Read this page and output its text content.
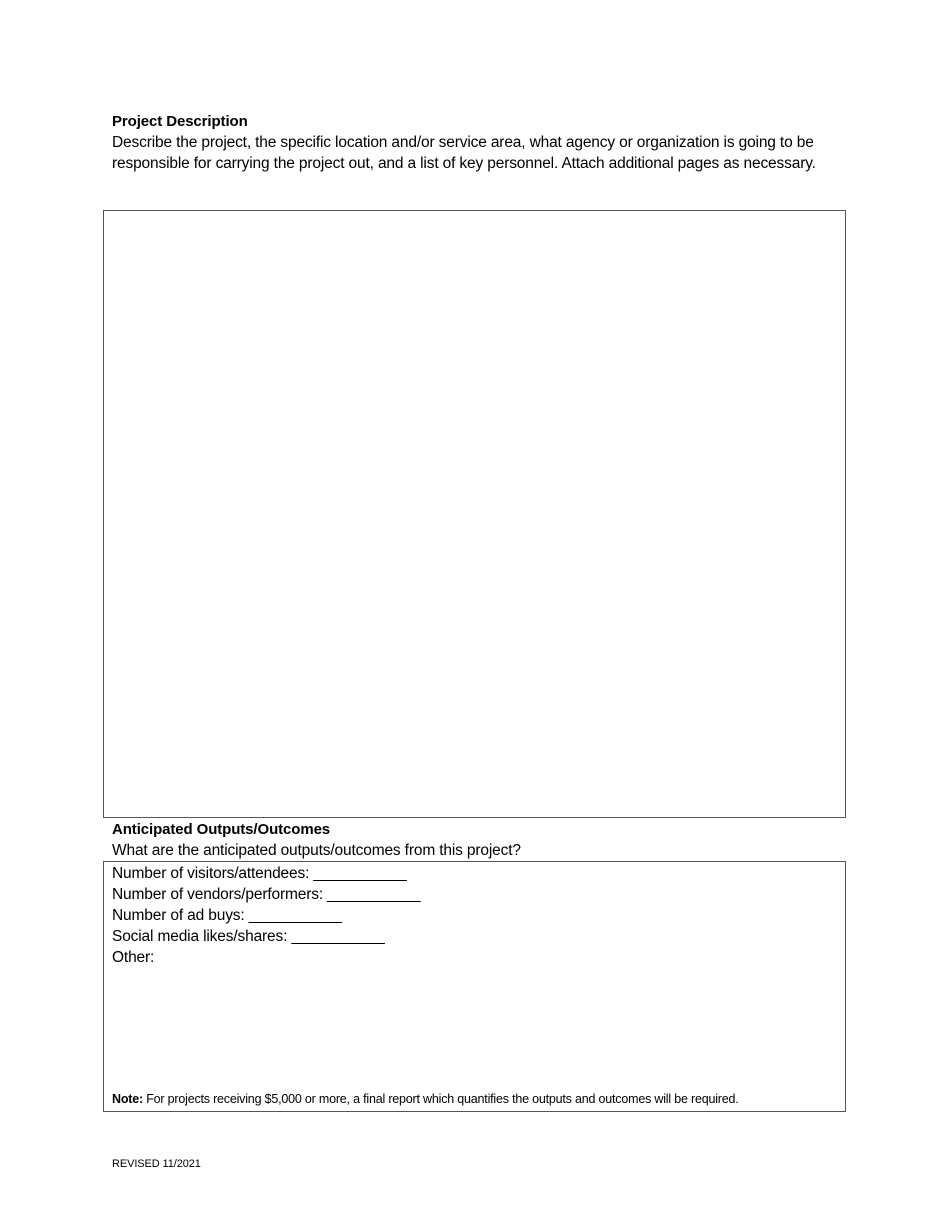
Project Description
Describe the project, the specific location and/or service area, what agency or organization is going to be responsible for carrying the project out, and a list of key personnel. Attach additional pages as necessary.
Anticipated Outputs/Outcomes
What are the anticipated outputs/outcomes from this project?
Number of visitors/attendees: ___________
Number of vendors/performers: ___________
Number of ad buys: ___________
Social media likes/shares: ___________
Other:
Note: For projects receiving $5,000 or more, a final report which quantifies the outputs and outcomes will be required.
REVISED 11/2021
